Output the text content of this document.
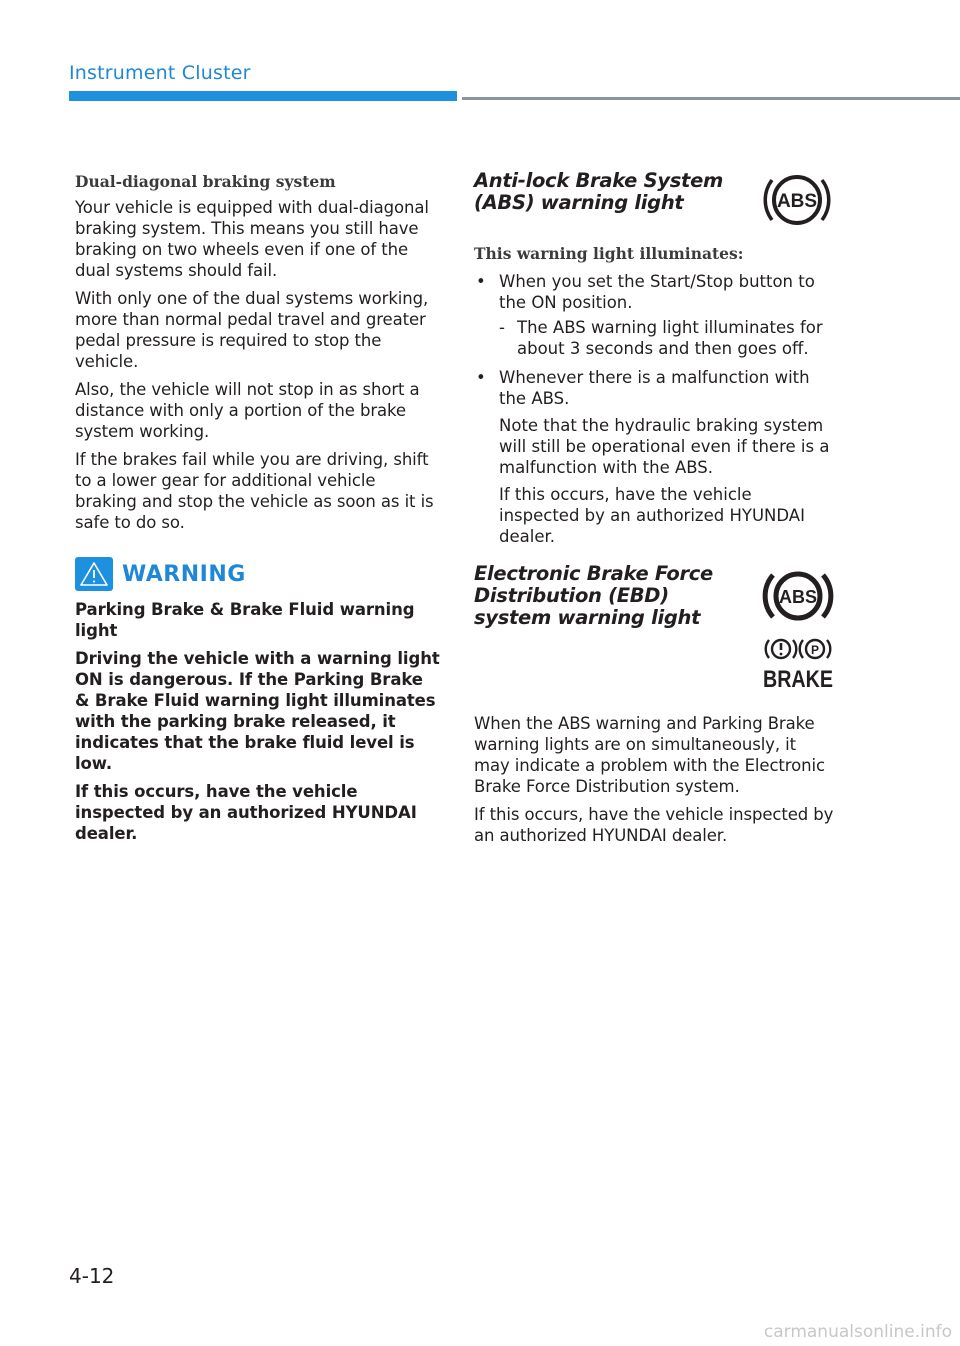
Instrument Cluster
Dual-diagonal braking system

Your vehicle is equipped with dual-diagonal braking system. This means you still have braking on two wheels even if one of the dual systems should fail.

With only one of the dual systems working, more than normal pedal travel and greater pedal pressure is required to stop the vehicle.

Also, the vehicle will not stop in as short a distance with only a portion of the brake system working.

If the brakes fail while you are driving, shift to a lower gear for additional vehicle braking and stop the vehicle as soon as it is safe to do so.

WARNING

Parking Brake & Brake Fluid warning light

Driving the vehicle with a warning light ON is dangerous. If the Parking Brake & Brake Fluid warning light illuminates with the parking brake released, it indicates that the brake fluid level is low.

If this occurs, have the vehicle inspected by an authorized HYUNDAI dealer.

Anti-lock Brake System (ABS) warning light	ABS
This warning light illuminates:
• When you set the Start/Stop button to the ON position.
- The ABS warning light illuminates for about 3 seconds and then goes off.
• Whenever there is a malfunction with the ABS.
Note that the hydraulic braking system will still be operational even if there is a malfunction with the ABS.
If this occurs, have the vehicle inspected by an authorized HYUNDAI dealer.
Electronic Brake Force Distribution (EBD) system warning light
ABS
P
BRAKE

When the ABS warning and Parking Brake warning lights are on simultaneously, it may indicate a problem with the Electronic Brake Force Distribution system.

If this occurs, have the vehicle inspected by an authorized HYUNDAI dealer.

4-12
carmanualsonline.info
